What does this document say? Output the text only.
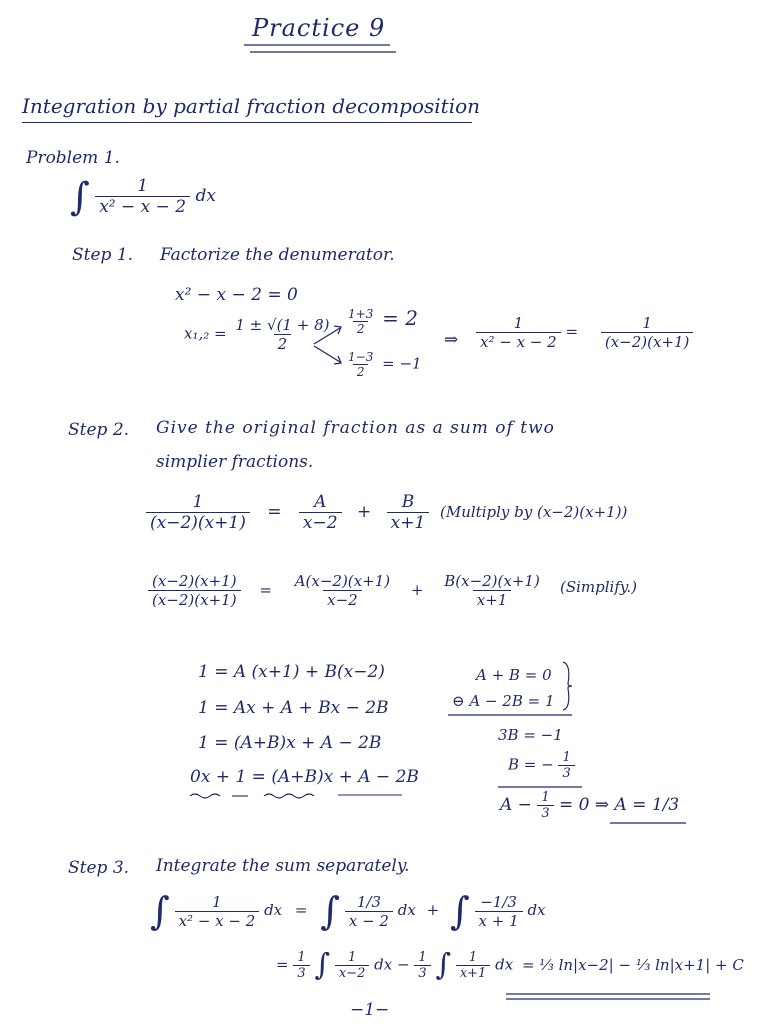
Practice 9
Integration by partial fraction decomposition
Problem 1.
∫ $\frac{1}{\text{x² − x − 2}}$ dx
Step 1. Factorize the denumerator.
x² − x − 2 = 0
$x_1,_2 = \frac{1 \pm √(1 + 8)}{2} \frac{1+3}{2} = 2$
$\frac{1-3}{2} = -1$
⇒ $\frac{1}{\text{x² − x − 2}} = \frac{1}{(x-2)(x+1)}$
Step 2. Give the original fraction as a sum of two
simplier fractions.
$\frac{1}{(x-2)(x+1)} = \frac{A}{x-2} + \frac{B}{x+1}$ (Multiply by (x−2)(x+1))
$\frac{(x-2)(x+1)}{(x-2)(x+1)} = \frac{A(x-2)(x+1)}{x-2} + \frac{B(x-2)(x+1)}{x+1}$ (Simplify.)
1 = A (x+1) + B(x−2)
1 = Ax + A + Bx − 2B
1 = (A+B)x + A − 2B
0x + 1 = (A+B)x + A − 2B
A + B = 0
⊖ A − 2B = 1
3B = −1
B = − $\frac{1}{3}$
$A - \frac{1}{3} = 0$ ⇒ A = 1/3
Step 3. Integrate the sum separately.
∫ $\frac{1}{\text{x² − x − 2}}$ dx = ∫ $\frac{1/3}{x - 2}$ dx + ∫ $\frac{-1/3}{x + 1}$ dx
= $\frac{1}{3}$ ∫ $\frac{1}{x-2}$ dx − $\frac{1}{3}$ ∫ $\frac{1}{x+1}$ dx = ⅓ ln|x−2| − ⅓ ln|x+1| + C
−1−
